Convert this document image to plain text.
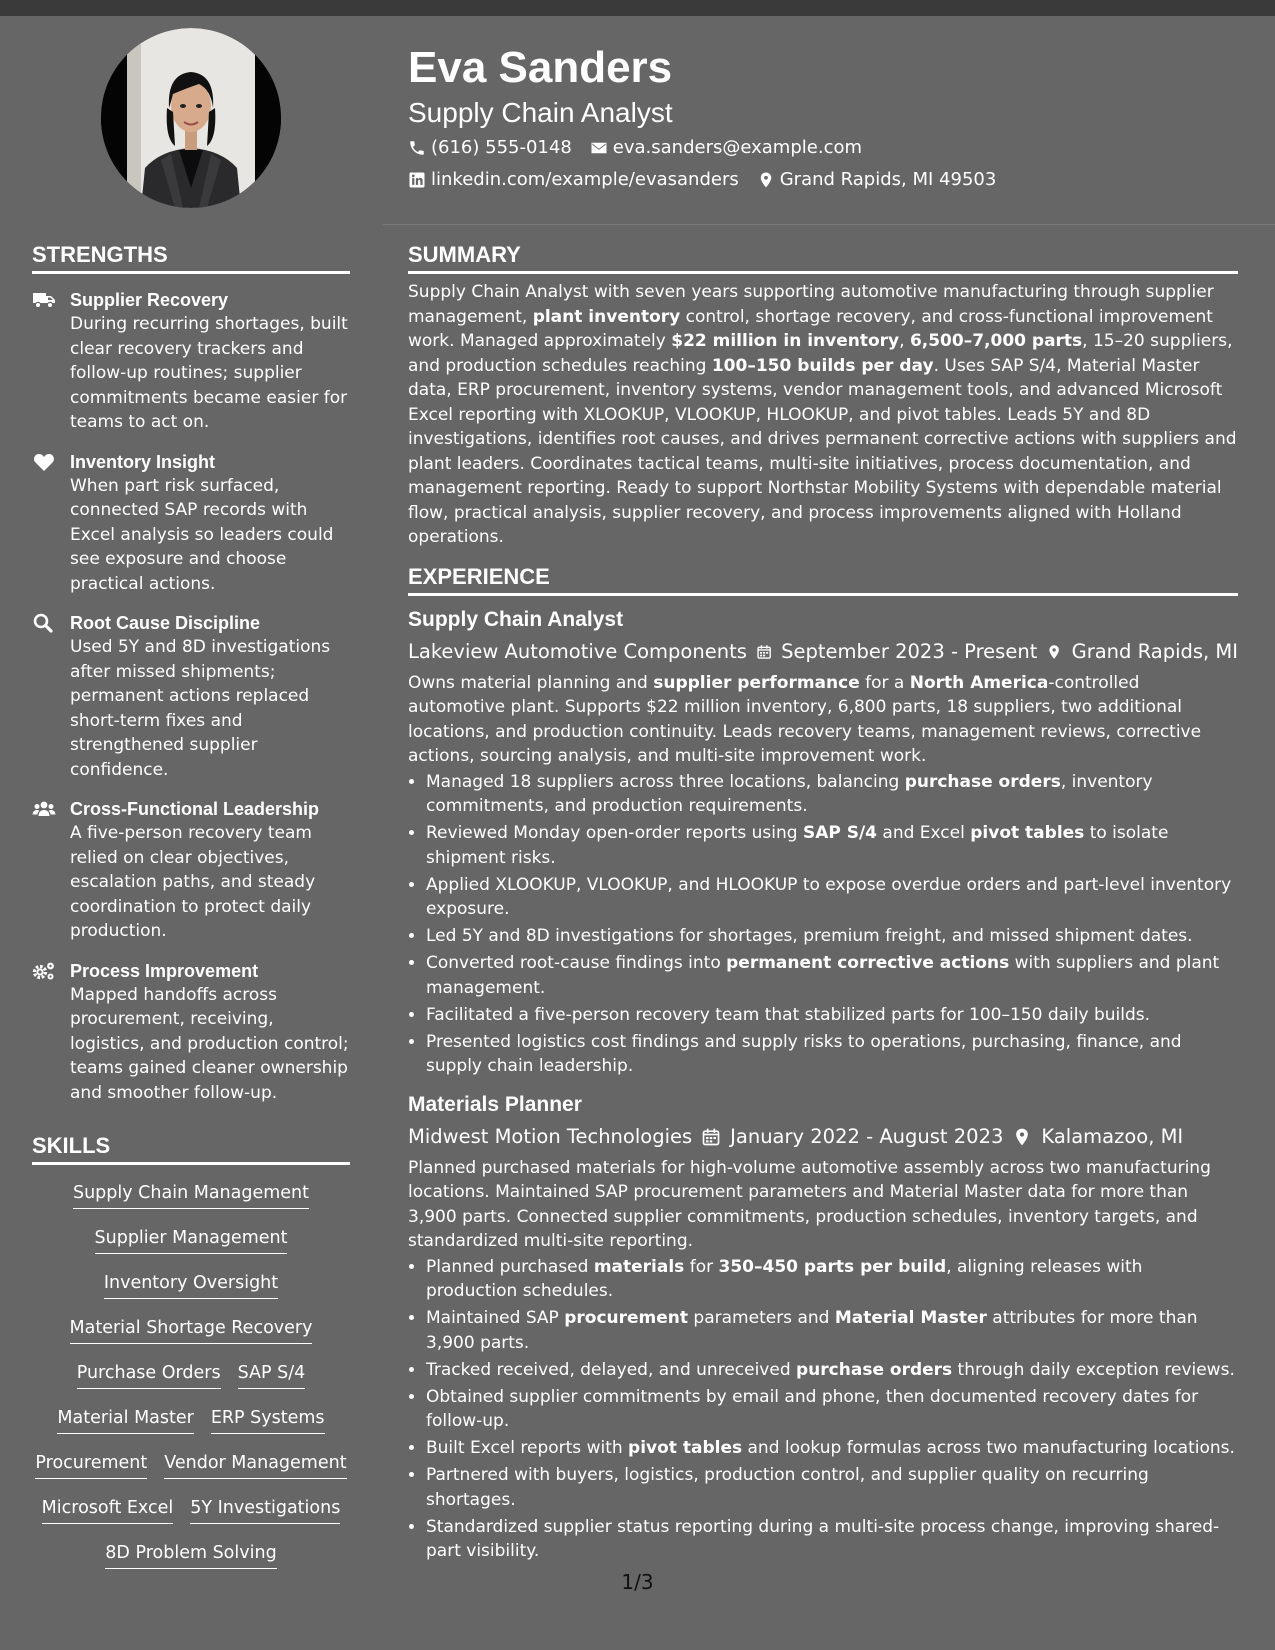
Eva Sanders
Supply Chain Analyst
(616) 555-0148 eva.sanders@example.com
linkedin.com/example/evasanders Grand Rapids, MI 49503
STRENGTHS
Supplier Recovery
During recurring shortages, built clear recovery trackers and follow-up routines; supplier commitments became easier for teams to act on.
Inventory Insight
When part risk surfaced, connected SAP records with Excel analysis so leaders could see exposure and choose practical actions.
Root Cause Discipline
Used 5Y and 8D investigations after missed shipments; permanent actions replaced short-term fixes and strengthened supplier confidence.
Cross-Functional Leadership
A five-person recovery team relied on clear objectives, escalation paths, and steady coordination to protect daily production.
Process Improvement
Mapped handoffs across procurement, receiving, logistics, and production control; teams gained cleaner ownership and smoother follow-up.
SKILLS
Supply Chain Management
Supplier Management
Inventory Oversight
Material Shortage Recovery
Purchase Orders SAP S/4
Material Master ERP Systems
Procurement Vendor Management
Microsoft Excel 5Y Investigations
8D Problem Solving
SUMMARY

Supply Chain Analyst with seven years supporting automotive manufacturing through supplier management, plant inventory control, shortage recovery, and cross-functional improvement work. Managed approximately $22 million in inventory, 6,500–7,000 parts, 15–20 suppliers, and production schedules reaching 100–150 builds per day. Uses SAP S/4, Material Master data, ERP procurement, inventory systems, vendor management tools, and advanced Microsoft Excel reporting with XLOOKUP, VLOOKUP, HLOOKUP, and pivot tables. Leads 5Y and 8D investigations, identifies root causes, and drives permanent corrective actions with suppliers and plant leaders. Coordinates tactical teams, multi-site initiatives, process documentation, and management reporting. Ready to support Northstar Mobility Systems with dependable material flow, practical analysis, supplier recovery, and process improvements aligned with Holland operations.

EXPERIENCE
Supply Chain Analyst
Lakeview Automotive Components September 2023 - Present Grand Rapids, MI

Owns material planning and supplier performance for a North America-controlled automotive plant. Supports $22 million inventory, 6,800 parts, 18 suppliers, two additional locations, and production continuity. Leads recovery teams, management reviews, corrective actions, sourcing analysis, and multi-site improvement work.

• Managed 18 suppliers across three locations, balancing purchase orders, inventory commitments, and production requirements.
• Reviewed Monday open-order reports using SAP S/4 and Excel pivot tables to isolate shipment risks.
• Applied XLOOKUP, VLOOKUP, and HLOOKUP to expose overdue orders and part-level inventory exposure.
• Led 5Y and 8D investigations for shortages, premium freight, and missed shipment dates.
• Converted root-cause findings into permanent corrective actions with suppliers and plant management.
• Facilitated a five-person recovery team that stabilized parts for 100–150 daily builds.
• Presented logistics cost findings and supply risks to operations, purchasing, finance, and supply chain leadership.
Materials Planner
Midwest Motion Technologies January 2022 - August 2023 Kalamazoo, MI

Planned purchased materials for high-volume automotive assembly across two manufacturing locations. Maintained SAP procurement parameters and Material Master data for more than 3,900 parts. Connected supplier commitments, production schedules, inventory targets, and standardized multi-site reporting.

• Planned purchased materials for 350–450 parts per build, aligning releases with production schedules.
• Maintained SAP procurement parameters and Material Master attributes for more than 3,900 parts.
• Tracked received, delayed, and unreceived purchase orders through daily exception reviews.
• Obtained supplier commitments by email and phone, then documented recovery dates for follow-up.
• Built Excel reports with pivot tables and lookup formulas across two manufacturing locations.
• Partnered with buyers, logistics, production control, and supplier quality on recurring shortages.
• Standardized supplier status reporting during a multi-site process change, improving shared-part visibility.
1/3
